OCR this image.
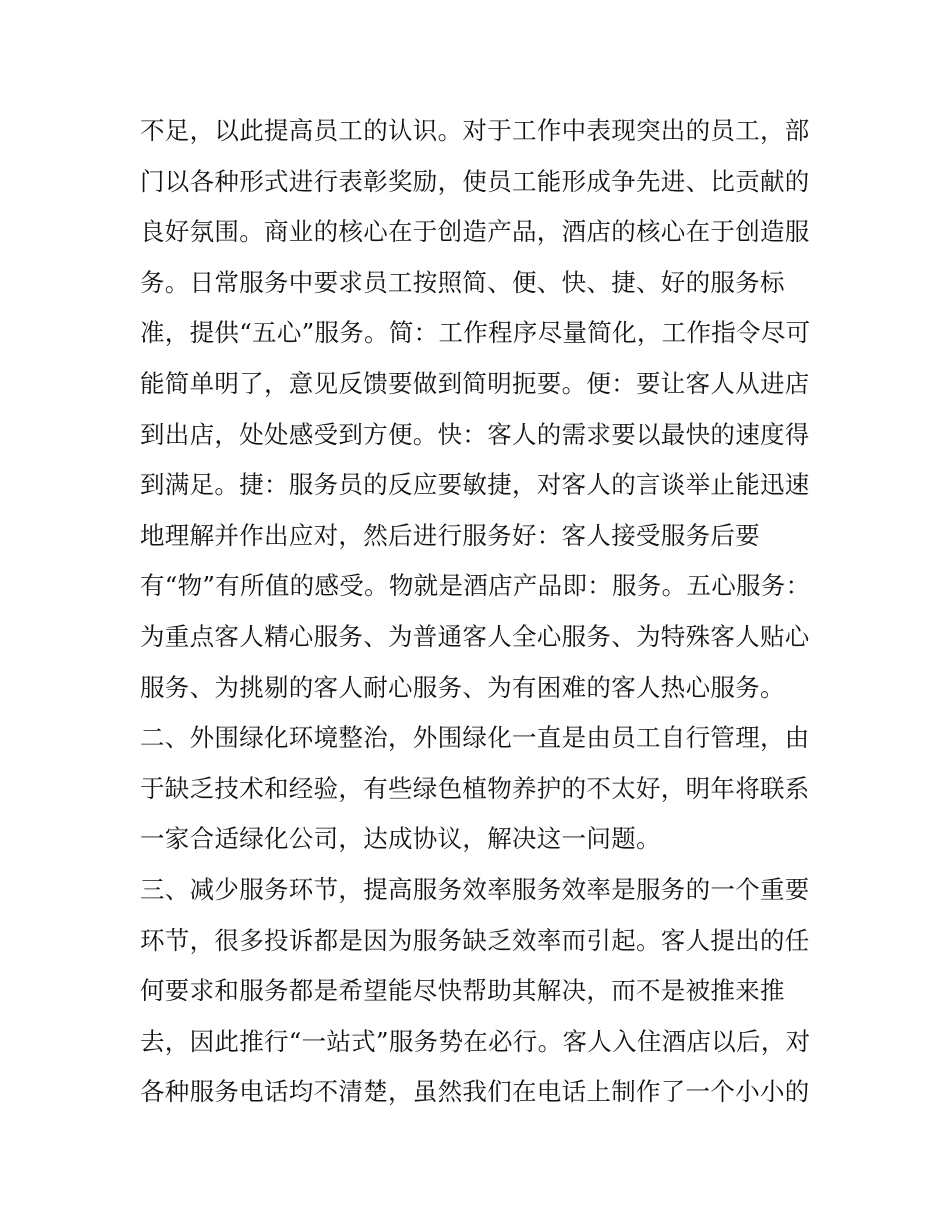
不足，以此提高员工的认识。对于工作中表现突出的员工，部
门以各种形式进行表彰奖励，使员工能形成争先进、比贡献的
良好氛围。商业的核心在于创造产品，酒店的核心在于创造服
务。日常服务中要求员工按照简、便、快、捷、好的服务标
准，提供“五心”服务。简：工作程序尽量简化，工作指令尽可
能简单明了，意见反馈要做到简明扼要。便：要让客人从进店
到出店，处处感受到方便。快：客人的需求要以最快的速度得
到满足。捷：服务员的反应要敏捷，对客人的言谈举止能迅速
地理解并作出应对，然后进行服务好：客人接受服务后要
有“物”有所值的感受。物就是酒店产品即：服务。五心服务：
为重点客人精心服务、为普通客人全心服务、为特殊客人贴心
服务、为挑剔的客人耐心服务、为有困难的客人热心服务。
二、外围绿化环境整治，外围绿化一直是由员工自行管理，由
于缺乏技术和经验，有些绿色植物养护的不太好，明年将联系
一家合适绿化公司，达成协议，解决这一问题。
三、减少服务环节，提高服务效率服务效率是服务的一个重要
环节，很多投诉都是因为服务缺乏效率而引起。客人提出的任
何要求和服务都是希望能尽快帮助其解决，而不是被推来推
去，因此推行“一站式”服务势在必行。客人入住酒店以后，对
各种服务电话均不清楚，虽然我们在电话上制作了一个小小的
